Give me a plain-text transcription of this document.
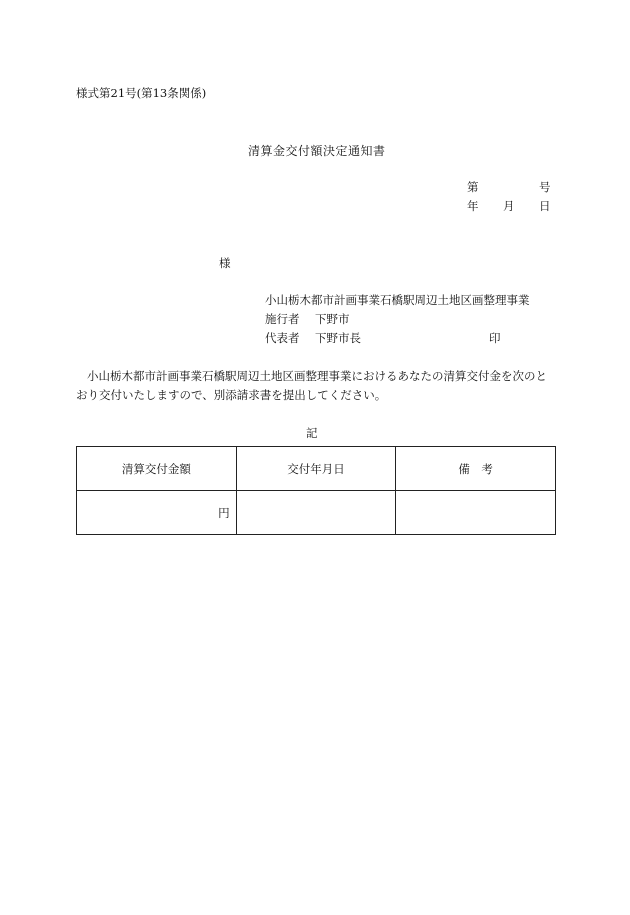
様式第21号(第13条関係)
清算金交付額決定通知書
第	号
年 月 日
様
小山栃木都市計画事業石橋駅周辺土地区画整理事業
施行者 下野市
代表者 下野市長	印
小山栃木都市計画事業石橋駅周辺土地区画整理事業におけるあなたの清算交付金を次のとおり交付いたしますので、別添請求書を提出してください。
記
清算交付金額	交付年月日	備　考
円		
